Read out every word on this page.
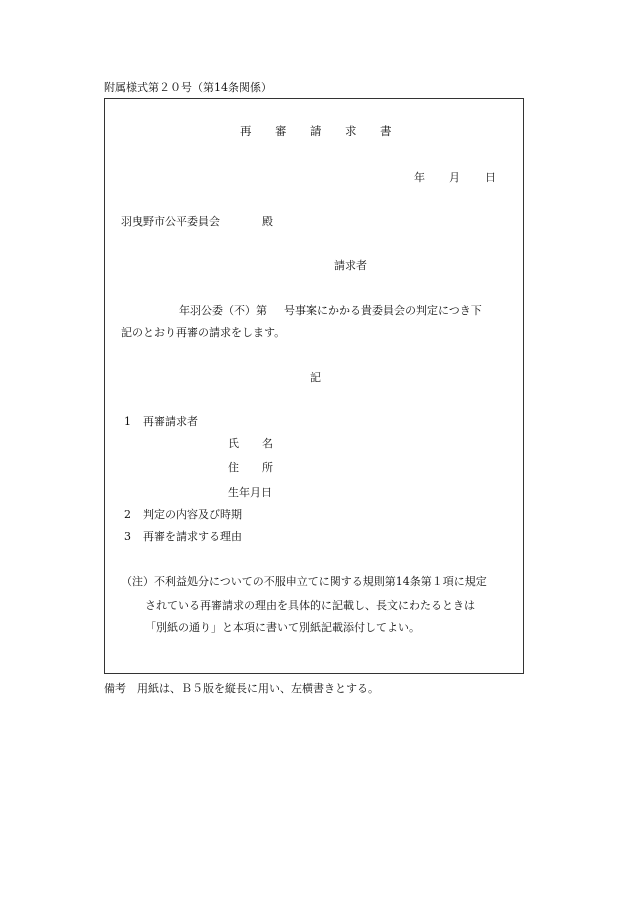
附属様式第２０号（第14条関係）
再 審 請 求 書
年 月 日
羽曳野市公平委員会	殿
請求者
年羽公委（不）第 号事案にかかる貴委員会の判定につき下
記のとおり再審の請求をします。
記
1 再審請求者
氏 名
住 所
生年月日
2 判定の内容及び時期
3 再審を請求する理由
（注）不利益処分についての不服申立てに関する規則第14条第１項に規定
されている再審請求の理由を具体的に記載し、長文にわたるときは
「別紙の通り」と本項に書いて別紙記載添付してよい。
備考　用紙は、Ｂ５版を縦長に用い、左横書きとする。
